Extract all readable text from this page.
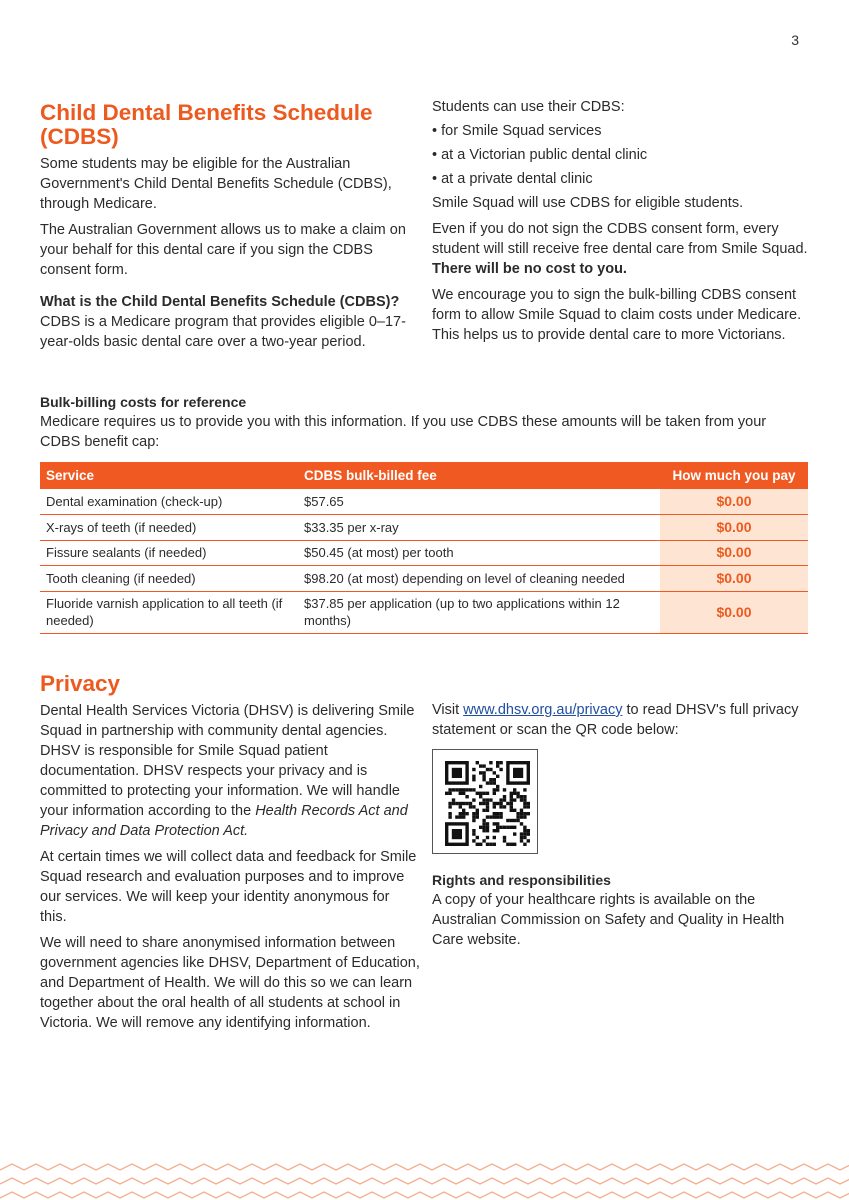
3
Child Dental Benefits Schedule (CDBS)

Some students may be eligible for the Australian Government's Child Dental Benefits Schedule (CDBS), through Medicare.

The Australian Government allows us to make a claim on your behalf for this dental care if you sign the CDBS consent form.

What is the Child Dental Benefits Schedule (CDBS)?

CDBS is a Medicare program that provides eligible 0–17-year-olds basic dental care over a two-year period.

Students can use their CDBS:

• for Smile Squad services
• at a Victorian public dental clinic
• at a private dental clinic

Smile Squad will use CDBS for eligible students.

Even if you do not sign the CDBS consent form, every student will still receive free dental care from Smile Squad. There will be no cost to you.

We encourage you to sign the bulk-billing CDBS consent form to allow Smile Squad to claim costs under Medicare. This helps us to provide dental care to more Victorians.

Bulk-billing costs for reference

Medicare requires us to provide you with this information. If you use CDBS these amounts will be taken from your CDBS benefit cap:

Service	CDBS bulk-billed fee	How much you pay
Dental examination (check-up)	$57.65	$0.00
X-rays of teeth (if needed)	$33.35 per x-ray	$0.00
Fissure sealants (if needed)	$50.45 (at most) per tooth	$0.00
Tooth cleaning (if needed)	$98.20 (at most) depending on level of cleaning needed	$0.00
Fluoride varnish application to all teeth (if needed)	$37.85 per application (up to two applications within 12 months)	$0.00
Privacy

Dental Health Services Victoria (DHSV) is delivering Smile Squad in partnership with community dental agencies. DHSV is responsible for Smile Squad patient documentation. DHSV respects your privacy and is committed to protecting your information. We will handle your information according to the Health Records Act and Privacy and Data Protection Act.

At certain times we will collect data and feedback for Smile Squad research and evaluation purposes and to improve our services. We will keep your identity anonymous for this.

We will need to share anonymised information between government agencies like DHSV, Department of Education, and Department of Health. We will do this so we can learn together about the oral health of all students at school in Victoria. We will remove any identifying information.

Visit www.dhsv.org.au/privacy to read DHSV's full privacy statement or scan the QR code below:

Rights and responsibilities

A copy of your healthcare rights is available on the Australian Commission on Safety and Quality in Health Care website.
